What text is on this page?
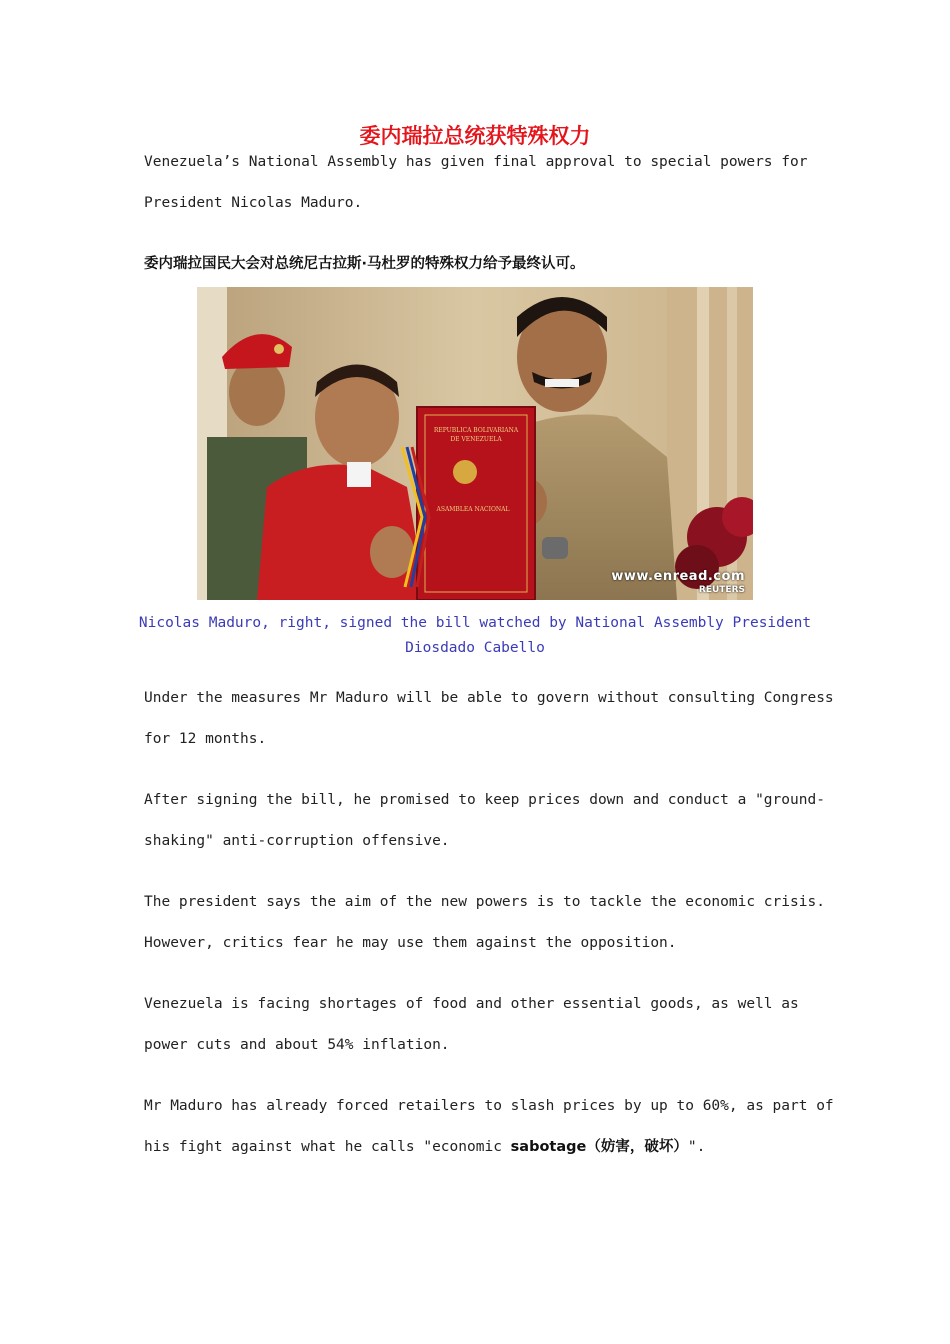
委内瑞拉总统获特殊权力
Venezuela’s National Assembly has given final approval to special powers for
President Nicolas Maduro.
委内瑞拉国民大会对总统尼古拉斯·马杜罗的特殊权力给予最终认可。
REPUBLICA BOLIVARIANA
DE VENEZUELA
ASAMBLEA NACIONAL
www.enread.com
REUTERS
Nicolas Maduro, right, signed the bill watched by National Assembly President
Diosdado Cabello
Under the measures Mr Maduro will be able to govern without consulting Congress
for 12 months.
After signing the bill, he promised to keep prices down and conduct a "ground-
shaking" anti-corruption offensive.
The president says the aim of the new powers is to tackle the economic crisis.
However, critics fear he may use them against the opposition.
Venezuela is facing shortages of food and other essential goods, as well as
power cuts and about 54% inflation.
Mr Maduro has already forced retailers to slash prices by up to 60%, as part of
his fight against what he calls "economic sabotage（妨害，破坏）".
